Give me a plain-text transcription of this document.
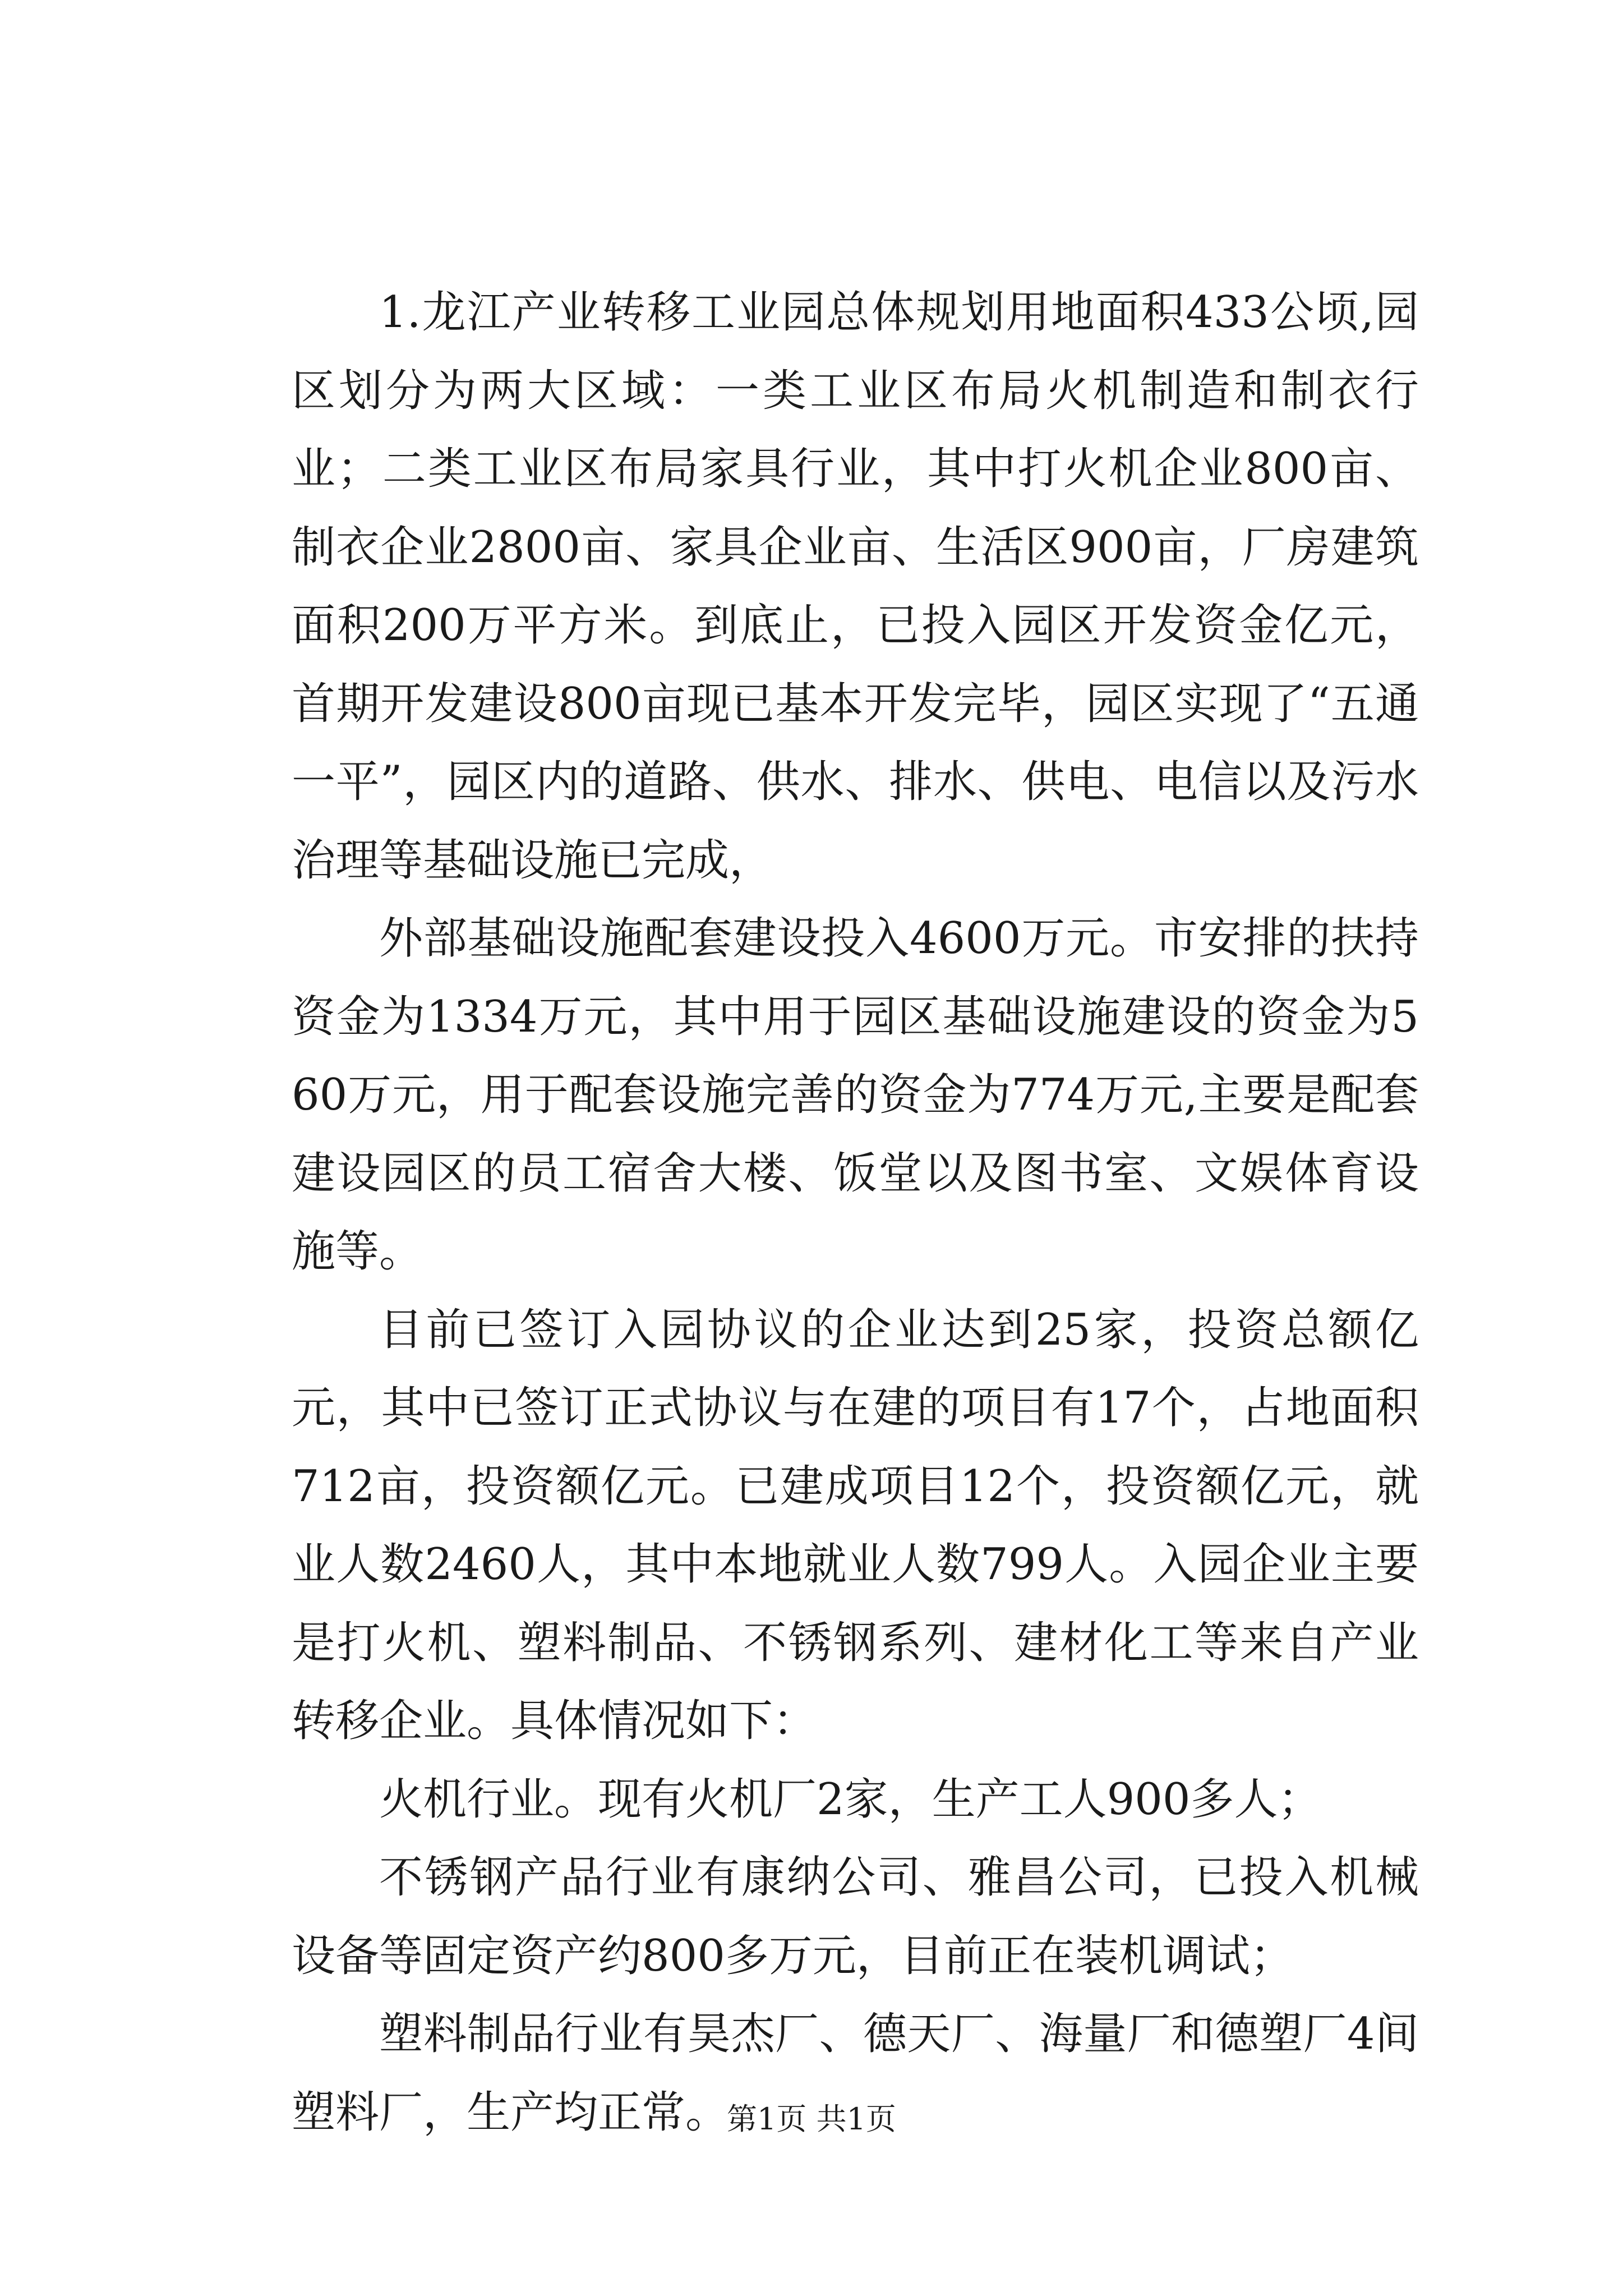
1.龙江产业转移工业园总体规划用地面积433公顷,园区划分为两大区域：一类工业区布局火机制造和制衣行业；二类工业区布局家具行业，其中打火机企业800亩、制衣企业2800亩、家具企业亩、生活区900亩，厂房建筑面积200万平方米。到底止，已投入园区开发资金亿元，首期开发建设800亩现已基本开发完毕，园区实现了“五通一平”，园区内的道路、供水、排水、供电、电信以及污水治理等基础设施已完成，

外部基础设施配套建设投入4600万元。市安排的扶持资金为1334万元，其中用于园区基础设施建设的资金为560万元，用于配套设施完善的资金为774万元,主要是配套建设园区的员工宿舍大楼、饭堂以及图书室、文娱体育设施等。

目前已签订入园协议的企业达到25家，投资总额亿元，其中已签订正式协议与在建的项目有17个，占地面积712亩，投资额亿元。已建成项目12个，投资额亿元，就业人数2460人，其中本地就业人数799人。入园企业主要是打火机、塑料制品、不锈钢系列、建材化工等来自产业转移企业。具体情况如下：

火机行业。现有火机厂2家，生产工人900多人；

不锈钢产品行业有康纳公司、雅昌公司，已投入机械设备等固定资产约800多万元，目前正在装机调试；

塑料制品行业有昊杰厂、德天厂、海量厂和德塑厂4间塑料厂，生产均正常。

第1页 共1页
